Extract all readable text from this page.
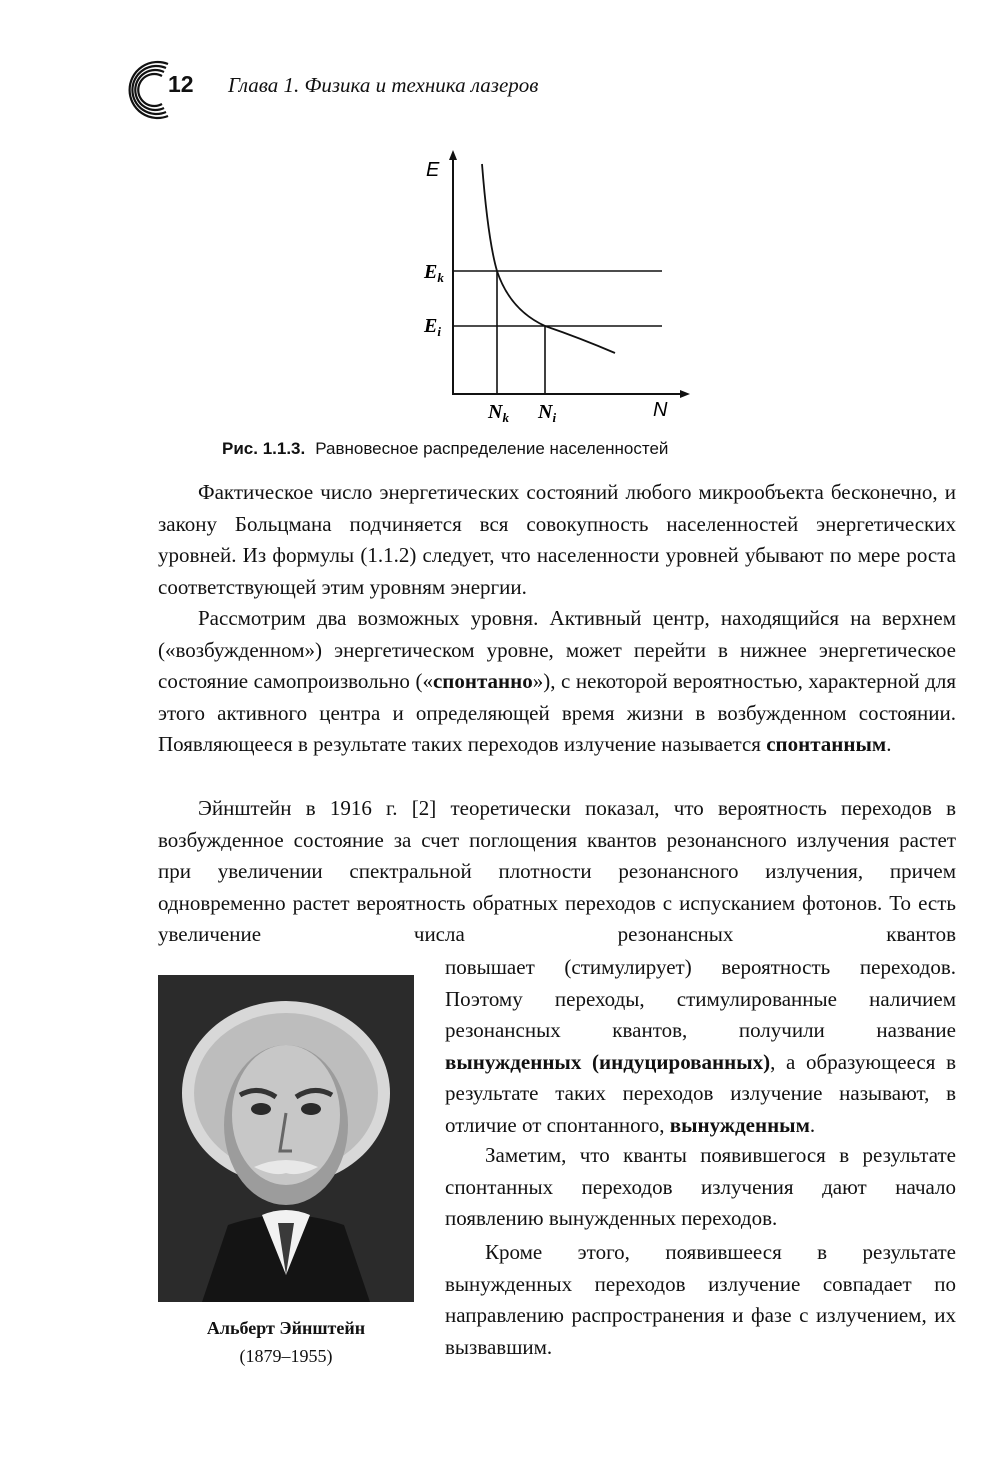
12 Глава 1. Физика и техника лазеров
E
$E_k$
$E_i$
$N_k$ $N_i$	N
Рис. 1.1.3. Равновесное распределение населенностей

Фактическое число энергетических состояний любого микрообъекта бесконечно, и закону Больцмана подчиняется вся совокупность населенностей энергетических уровней. Из формулы (1.1.2) следует, что населенности уровней убывают по мере роста соответствующей этим уровням энергии.

Рассмотрим два возможных уровня. Активный центр, находящийся на верхнем («возбужденном») энергетическом уровне, может перейти в нижнее энергетическое состояние самопроизвольно («спонтанно»), с некоторой вероятностью, характерной для этого активного центра и определяющей время жизни в возбужденном состоянии. Появляющееся в результате таких переходов излучение называется спонтанным.

Эйнштейн в 1916 г. [2] теоретически показал, что вероятность переходов в возбужденное состояние за счет поглощения квантов резонансного излучения растет при увеличении спектральной плотности резонансного излучения, причем одновременно растет вероятность обратных переходов с испусканием фотонов. То есть увеличение числа резонансных квантов

Альберт Эйнштейн
(1879–1955)

повышает (стимулирует) вероятность переходов. Поэтому переходы, стимулированные наличием резонансных квантов, получили название вынужденных (индуцированных), а образующееся в результате таких переходов излучение называют, в отличие от спонтанного, вынужденным.

Заметим, что кванты появившегося в результате спонтанных переходов излучения дают начало появлению вынужденных переходов.

Кроме этого, появившееся в результате вынужденных переходов излучение совпадает по направлению распространения и фазе с излучением, их вызвавшим.
